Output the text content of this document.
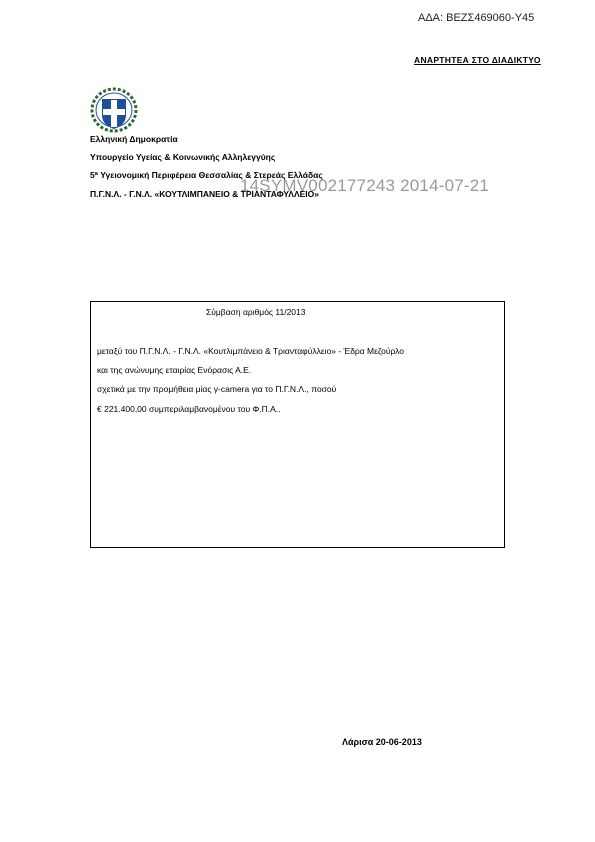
ΑΔΑ: ΒΕΖΣ469060-Υ45
ΑΝΑΡΤΗΤΕΑ ΣΤΟ ΔΙΑΔΙΚΤΥΟ
Ελληνική Δημοκρατία
Υπουργείο Υγείας & Κοινωνικής Αλληλεγγύης
5ª Υγειονομική Περιφέρεια Θεσσαλίας & Στερεάς Ελλάδας
Π.Γ.Ν.Λ. - Γ.Ν.Λ. «ΚΟΥΤΛΙΜΠΑΝΕΙΟ & ΤΡΙΑΝΤΑΦΥΛΛΕΙΟ»
14SYMV002177243 2014-07-21
Σύμβαση αριθμός 11/2013
μεταξύ του Π.Γ.Ν.Λ. - Γ.Ν.Λ. «Κουτλιμπάνειο & Τριανταφύλλειο» - Έδρα Μεζούρλο
και της ανώνυμης εταιρίας Ενόρασις Α.Ε.
σχετικά με την προμήθεια μίας γ-camera για το Π.Γ.Ν.Λ., ποσού
€ 221.400,00 συμπεριλαμβανομένου του Φ.Π.Α..
Λάρισα 20-06-2013
